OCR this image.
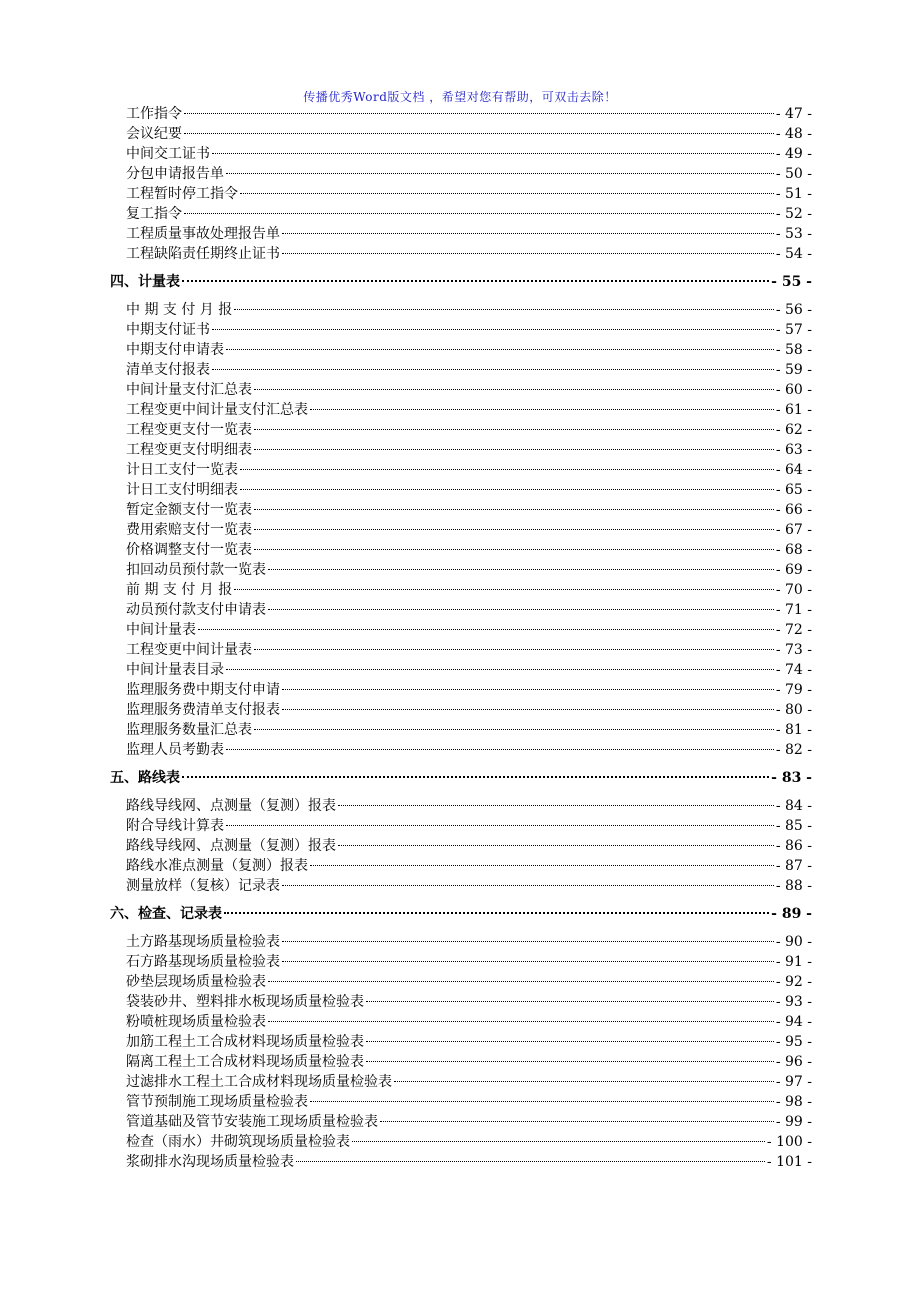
传播优秀Word版文档 ，希望对您有帮助，可双击去除！
工作指令	- 47 -
会议纪要	- 48 -
中间交工证书	- 49 -
分包申请报告单	- 50 -
工程暂时停工指令	- 51 -
复工指令	- 52 -
工程质量事故处理报告单	- 53 -
工程缺陷责任期终止证书	- 54 -
四、计量表	- 55 -
中 期 支 付 月 报	- 56 -
中期支付证书	- 57 -
中期支付申请表	- 58 -
清单支付报表	- 59 -
中间计量支付汇总表	- 60 -
工程变更中间计量支付汇总表	- 61 -
工程变更支付一览表	- 62 -
工程变更支付明细表	- 63 -
计日工支付一览表	- 64 -
计日工支付明细表	- 65 -
暂定金额支付一览表	- 66 -
费用索赔支付一览表	- 67 -
价格调整支付一览表	- 68 -
扣回动员预付款一览表	- 69 -
前 期 支 付 月 报	- 70 -
动员预付款支付申请表	- 71 -
中间计量表	- 72 -
工程变更中间计量表	- 73 -
中间计量表目录	- 74 -
监理服务费中期支付申请	- 79 -
监理服务费清单支付报表	- 80 -
监理服务数量汇总表	- 81 -
监理人员考勤表	- 82 -
五、路线表	- 83 -
路线导线网、点测量（复测）报表	- 84 -
附合导线计算表	- 85 -
路线导线网、点测量（复测）报表	- 86 -
路线水准点测量（复测）报表	- 87 -
测量放样（复核）记录表	- 88 -
六、检查、记录表	- 89 -
土方路基现场质量检验表	- 90 -
石方路基现场质量检验表	- 91 -
砂垫层现场质量检验表	- 92 -
袋装砂井、塑料排水板现场质量检验表	- 93 -
粉喷桩现场质量检验表	- 94 -
加筋工程土工合成材料现场质量检验表	- 95 -
隔离工程土工合成材料现场质量检验表	- 96 -
过滤排水工程土工合成材料现场质量检验表	- 97 -
管节预制施工现场质量检验表	- 98 -
管道基础及管节安装施工现场质量检验表	- 99 -
检查（雨水）井砌筑现场质量检验表	- 100 -
浆砌排水沟现场质量检验表	- 101 -
